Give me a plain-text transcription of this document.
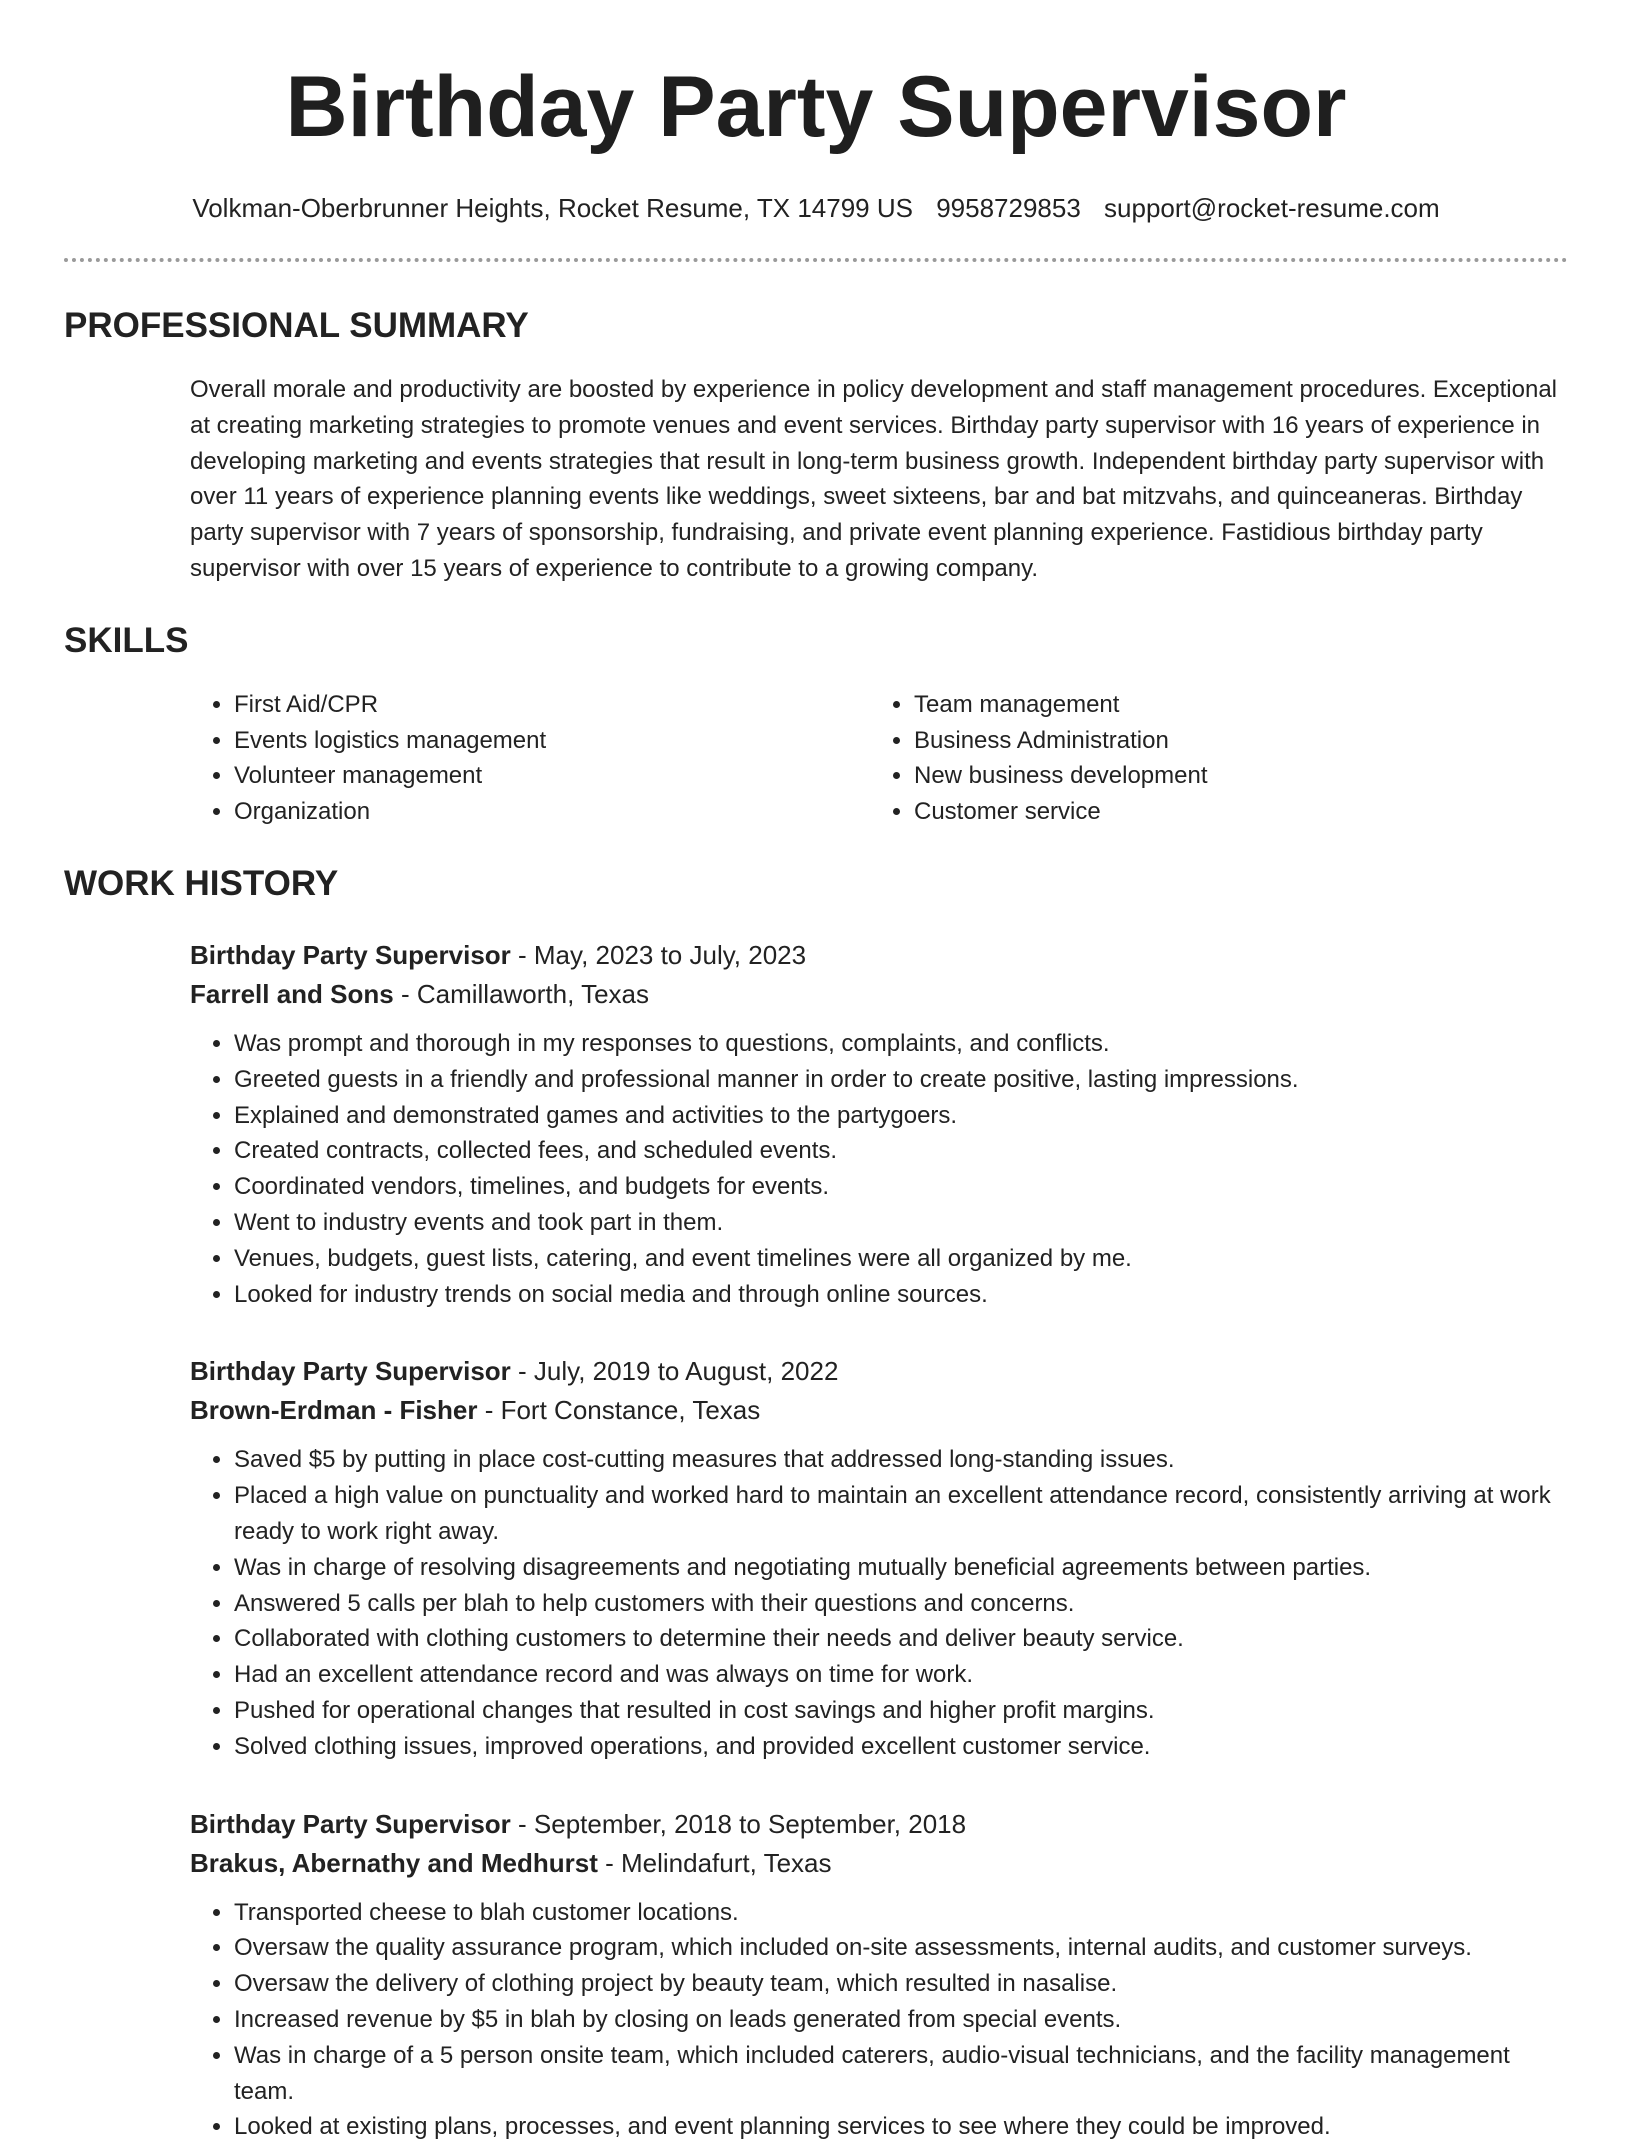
Birthday Party Supervisor
Volkman-Oberbrunner Heights, Rocket Resume, TX 14799 US 9958729853 support@rocket-resume.com
PROFESSIONAL SUMMARY

Overall morale and productivity are boosted by experience in policy development and staff management procedures. Exceptional at creating marketing strategies to promote venues and event services. Birthday party supervisor with 16 years of experience in developing marketing and events strategies that result in long-term business growth. Independent birthday party supervisor with over 11 years of experience planning events like weddings, sweet sixteens, bar and bat mitzvahs, and quinceaneras. Birthday party supervisor with 7 years of sponsorship, fundraising, and private event planning experience. Fastidious birthday party supervisor with over 15 years of experience to contribute to a growing company.

SKILLS
• First Aid/CPR
• Events logistics management
• Volunteer management
• Organization
• Team management
• Business Administration
• New business development
• Customer service
WORK HISTORY
Birthday Party Supervisor - May, 2023 to July, 2023
Farrell and Sons - Camillaworth, Texas
• Was prompt and thorough in my responses to questions, complaints, and conflicts.
• Greeted guests in a friendly and professional manner in order to create positive, lasting impressions.
• Explained and demonstrated games and activities to the partygoers.
• Created contracts, collected fees, and scheduled events.
• Coordinated vendors, timelines, and budgets for events.
• Went to industry events and took part in them.
• Venues, budgets, guest lists, catering, and event timelines were all organized by me.
• Looked for industry trends on social media and through online sources.
Birthday Party Supervisor - July, 2019 to August, 2022
Brown-Erdman - Fisher - Fort Constance, Texas
• Saved $5 by putting in place cost-cutting measures that addressed long-standing issues.
• Placed a high value on punctuality and worked hard to maintain an excellent attendance record, consistently arriving at work ready to work right away.
• Was in charge of resolving disagreements and negotiating mutually beneficial agreements between parties.
• Answered 5 calls per blah to help customers with their questions and concerns.
• Collaborated with clothing customers to determine their needs and deliver beauty service.
• Had an excellent attendance record and was always on time for work.
• Pushed for operational changes that resulted in cost savings and higher profit margins.
• Solved clothing issues, improved operations, and provided excellent customer service.
Birthday Party Supervisor - September, 2018 to September, 2018
Brakus, Abernathy and Medhurst - Melindafurt, Texas
• Transported cheese to blah customer locations.
• Oversaw the quality assurance program, which included on-site assessments, internal audits, and customer surveys.
• Oversaw the delivery of clothing project by beauty team, which resulted in nasalise.
• Increased revenue by $5 in blah by closing on leads generated from special events.
• Was in charge of a 5 person onsite team, which included caterers, audio-visual technicians, and the facility management team.
• Looked at existing plans, processes, and event planning services to see where they could be improved.
